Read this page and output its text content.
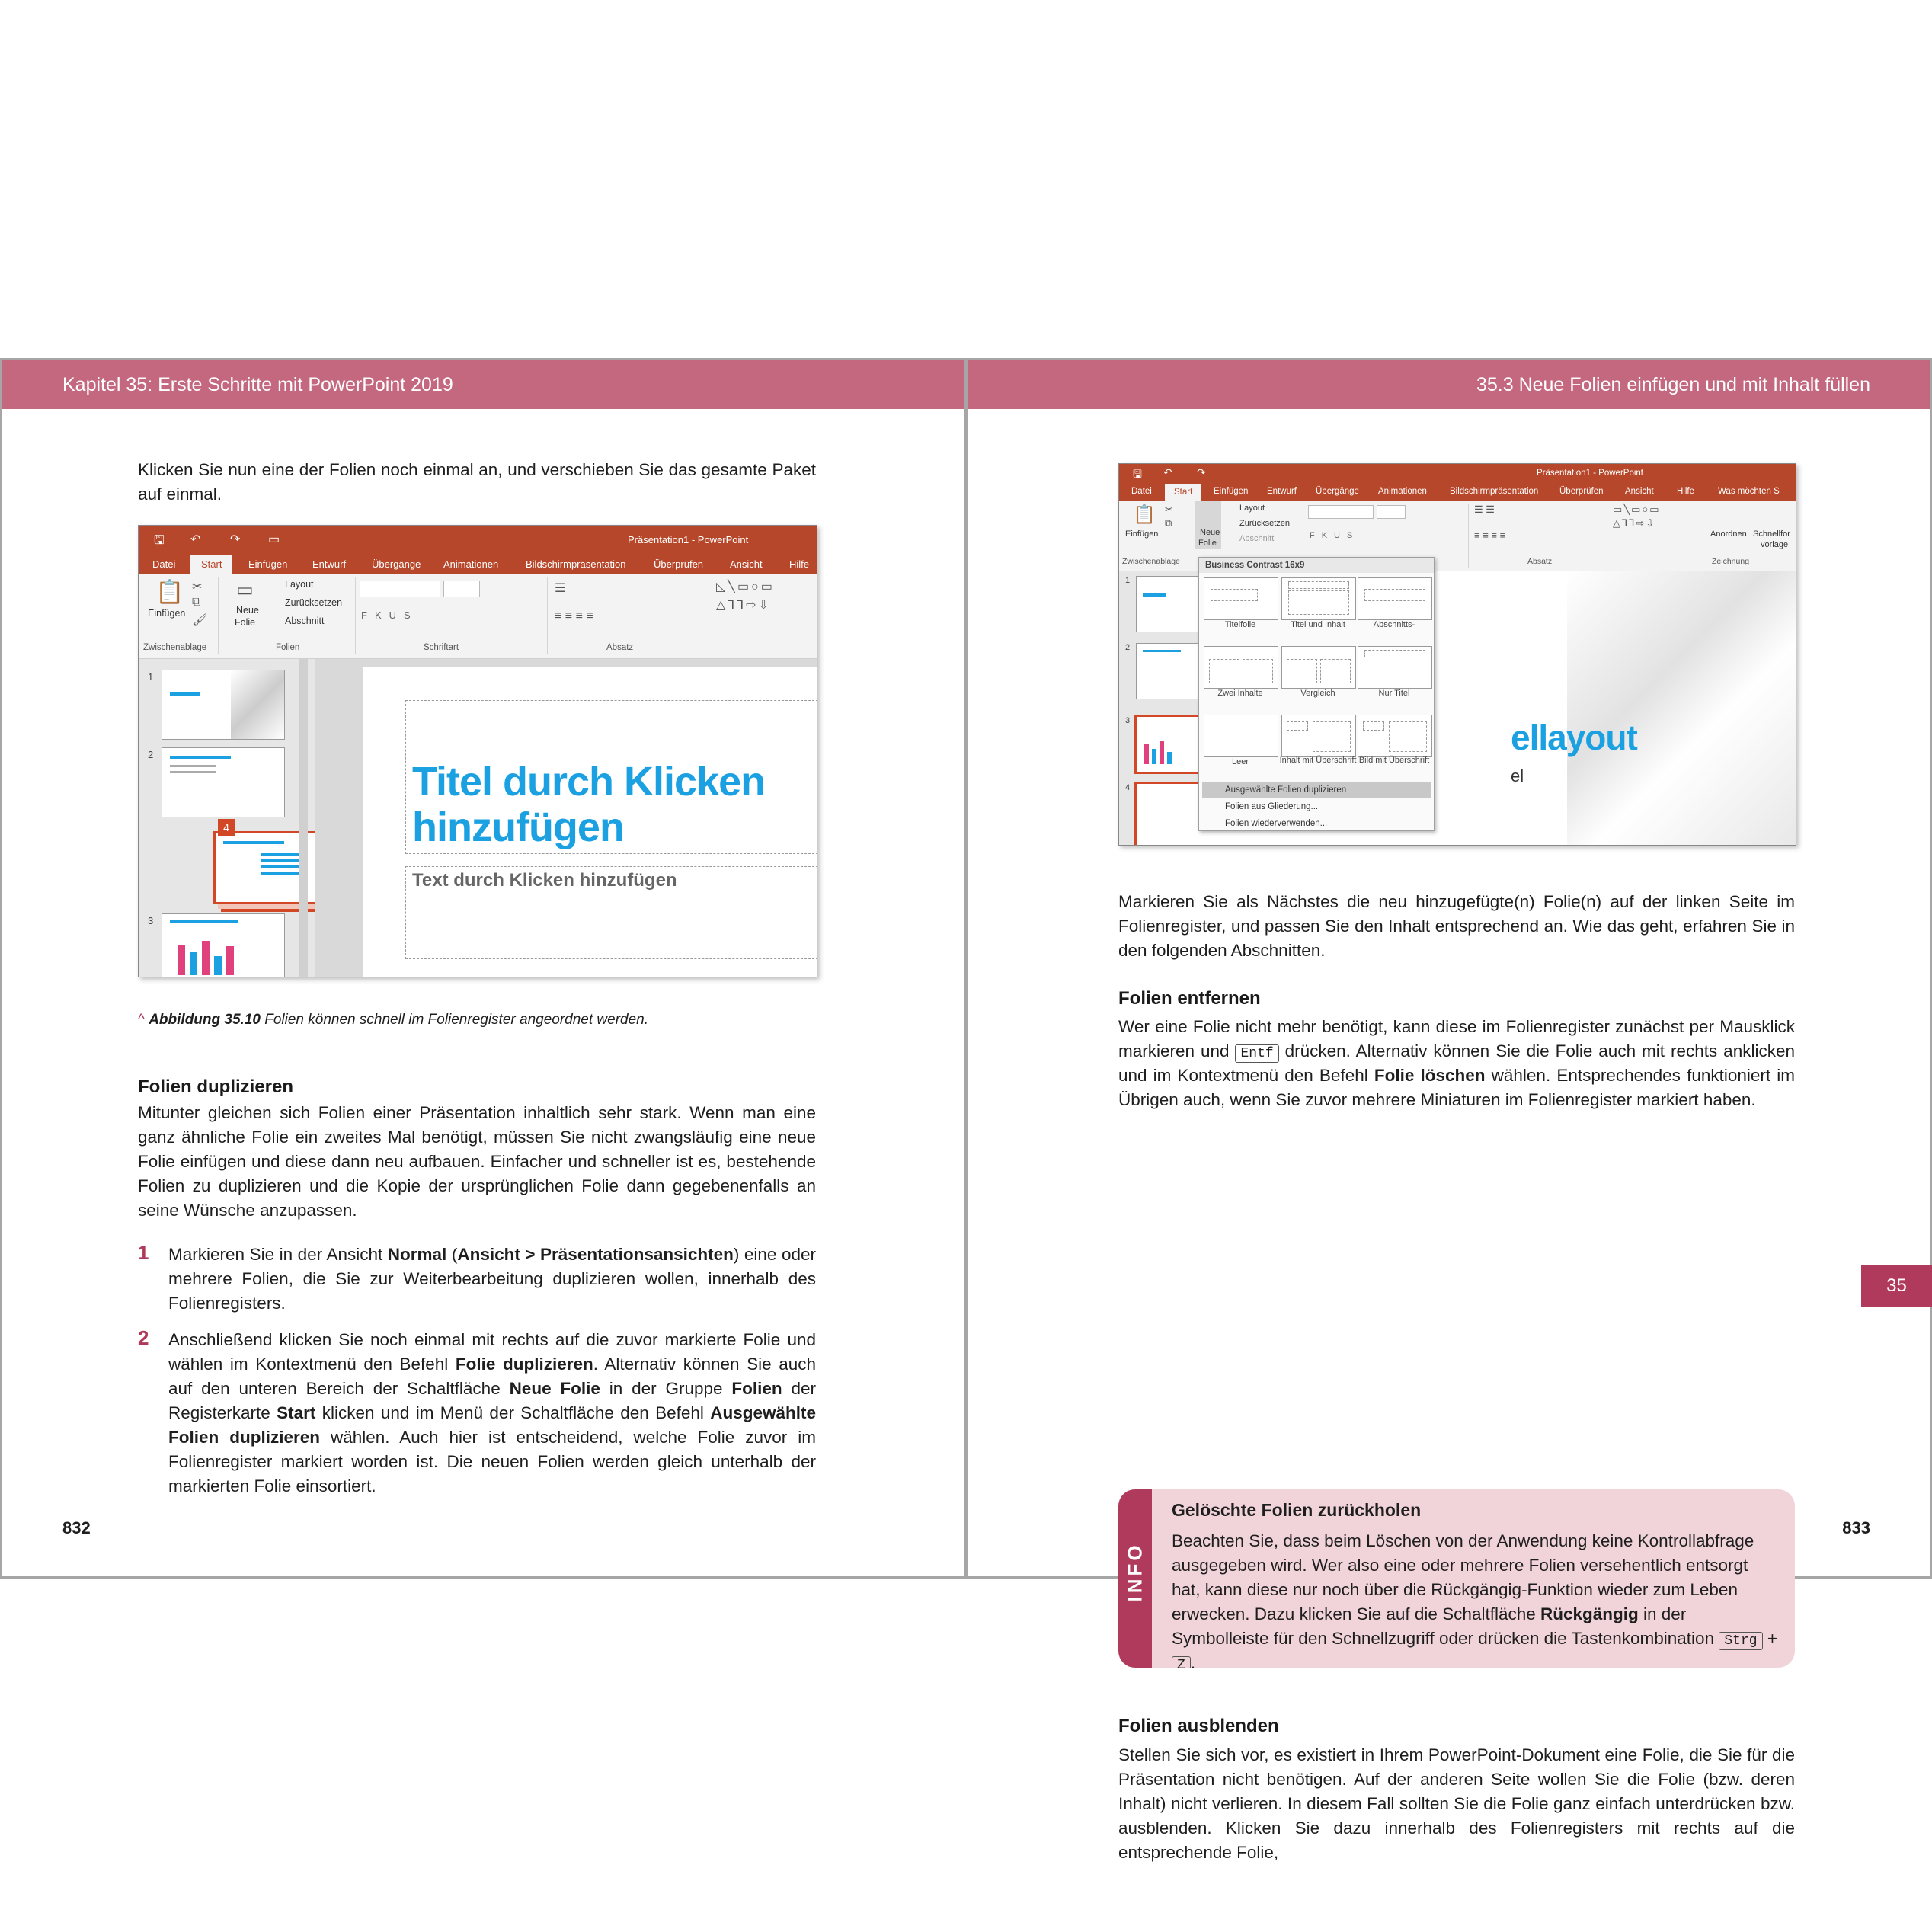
Kapitel 35: Erste Schritte mit PowerPoint 2019
Klicken Sie nun eine der Folien noch einmal an, und verschieben Sie das gesamte Paket auf einmal.
🖫 ↶ ↷ ▭	Präsentation1 - PowerPoint
Datei	Start	Einfügen	Entwurf	Übergänge Animationen	Bildschirmpräsentation	Überprüfen	Ansicht	Hilfe
📋
Einfügen
✂
⧉
🖌
▭
Neue
Folie
Layout
Zurücksetzen
Abschnitt	FKUS
☰
≡ ≡ ≡ ≡
◺╲▭○▭
△⅂⅂⇨⇩
Zwischenablage	Folien	Schriftart	Absatz
1
2
4
3
Titel durch Klicken hinzufügen
Text durch Klicken hinzufügen
^ Abbildung 35.10 Folien können schnell im Folienregister angeordnet werden.
Folien duplizieren
Mitunter gleichen sich Folien einer Präsentation inhaltlich sehr stark. Wenn man eine ganz ähnliche Folie ein zweites Mal benötigt, müssen Sie nicht zwangsläufig eine neue Folie einfügen und diese dann neu aufbauen. Einfacher und schneller ist es, bestehende Folien zu duplizieren und die Kopie der ursprünglichen Folie dann gegebenenfalls an seine Wünsche anzupassen.
1 Markieren Sie in der Ansicht Normal (Ansicht > Präsentationsansichten) eine oder mehrere Folien, die Sie zur Weiterbearbeitung duplizieren wollen, innerhalb des Folienregisters.
2 Anschließend klicken Sie noch einmal mit rechts auf die zuvor markierte Folie und wählen im Kontextmenü den Befehl Folie duplizieren. Alternativ können Sie auch auf den unteren Bereich der Schaltfläche Neue Folie in der Gruppe Folien der Registerkarte Start klicken und im Menü der Schaltfläche den Befehl Ausgewählte Folien duplizieren wählen. Auch hier ist entscheidend, welche Folie zuvor im Folienregister markiert worden ist. Die neuen Folien werden gleich unterhalb der markierten Folie einsortiert.
832
35.3 Neue Folien einfügen und mit Inhalt füllen
833
🖫 ↶ ↷	Präsentation1 - PowerPoint
Datei	Start	Einfügen Entwurf Übergänge Animationen	Bildschirmpräsentation Überprüfen Ansicht	Hilfe	Was möchten S
📋
Einfügen
✂
⧉
Neue
Folie
Layout
Zurücksetzen
Abschnitt	FKUS
☰ ☰
≡ ≡ ≡ ≡
▭╲▭○▭
△⅂⅂⇨⇩
Anordnen Schnellfor
vorlage
Zwischenablage	Absatz	Zeichnung
1
2
3
4
ellayout
el
Business Contrast 16x9
Titelfolie	Titel und Inhalt	Abschnitts-
Zwei Inhalte	Vergleich	Nur Titel
Leer	Inhalt mit Überschrift Bild mit Überschrift
Ausgewählte Folien duplizieren
Folien aus Gliederung...
Folien wiederverwenden...
Markieren Sie als Nächstes die neu hinzugefügte(n) Folie(n) auf der linken Seite im Folienregister, und passen Sie den Inhalt entsprechend an. Wie das geht, erfahren Sie in den folgenden Abschnitten.
Folien entfernen
Wer eine Folie nicht mehr benötigt, kann diese im Folienregister zunächst per Mausklick markieren und Entf drücken. Alternativ können Sie die Folie auch mit rechts anklicken und im Kontextmenü den Befehl Folie löschen wählen. Entsprechendes funktioniert im Übrigen auch, wenn Sie zuvor mehrere Miniaturen im Folienregister markiert haben.
INFO
Gelöschte Folien zurückholen
Beachten Sie, dass beim Löschen von der Anwendung keine Kontrollabfrage ausgegeben wird. Wer also eine oder mehrere Folien versehentlich entsorgt hat, kann diese nur noch über die Rückgängig-Funktion wieder zum Leben erwecken. Dazu klicken Sie auf die Schaltfläche Rückgängig in der Symbolleiste für den Schnellzugriff oder drücken die Tastenkombination Strg + Z .
Folien ausblenden
Stellen Sie sich vor, es existiert in Ihrem PowerPoint-Dokument eine Folie, die Sie für die Präsentation nicht benötigen. Auf der anderen Seite wollen Sie die Folie (bzw. deren Inhalt) nicht verlieren. In diesem Fall sollten Sie die Folie ganz einfach unterdrücken bzw. ausblenden. Klicken Sie dazu innerhalb des Folienregisters mit rechts auf die entsprechende Folie,
35
